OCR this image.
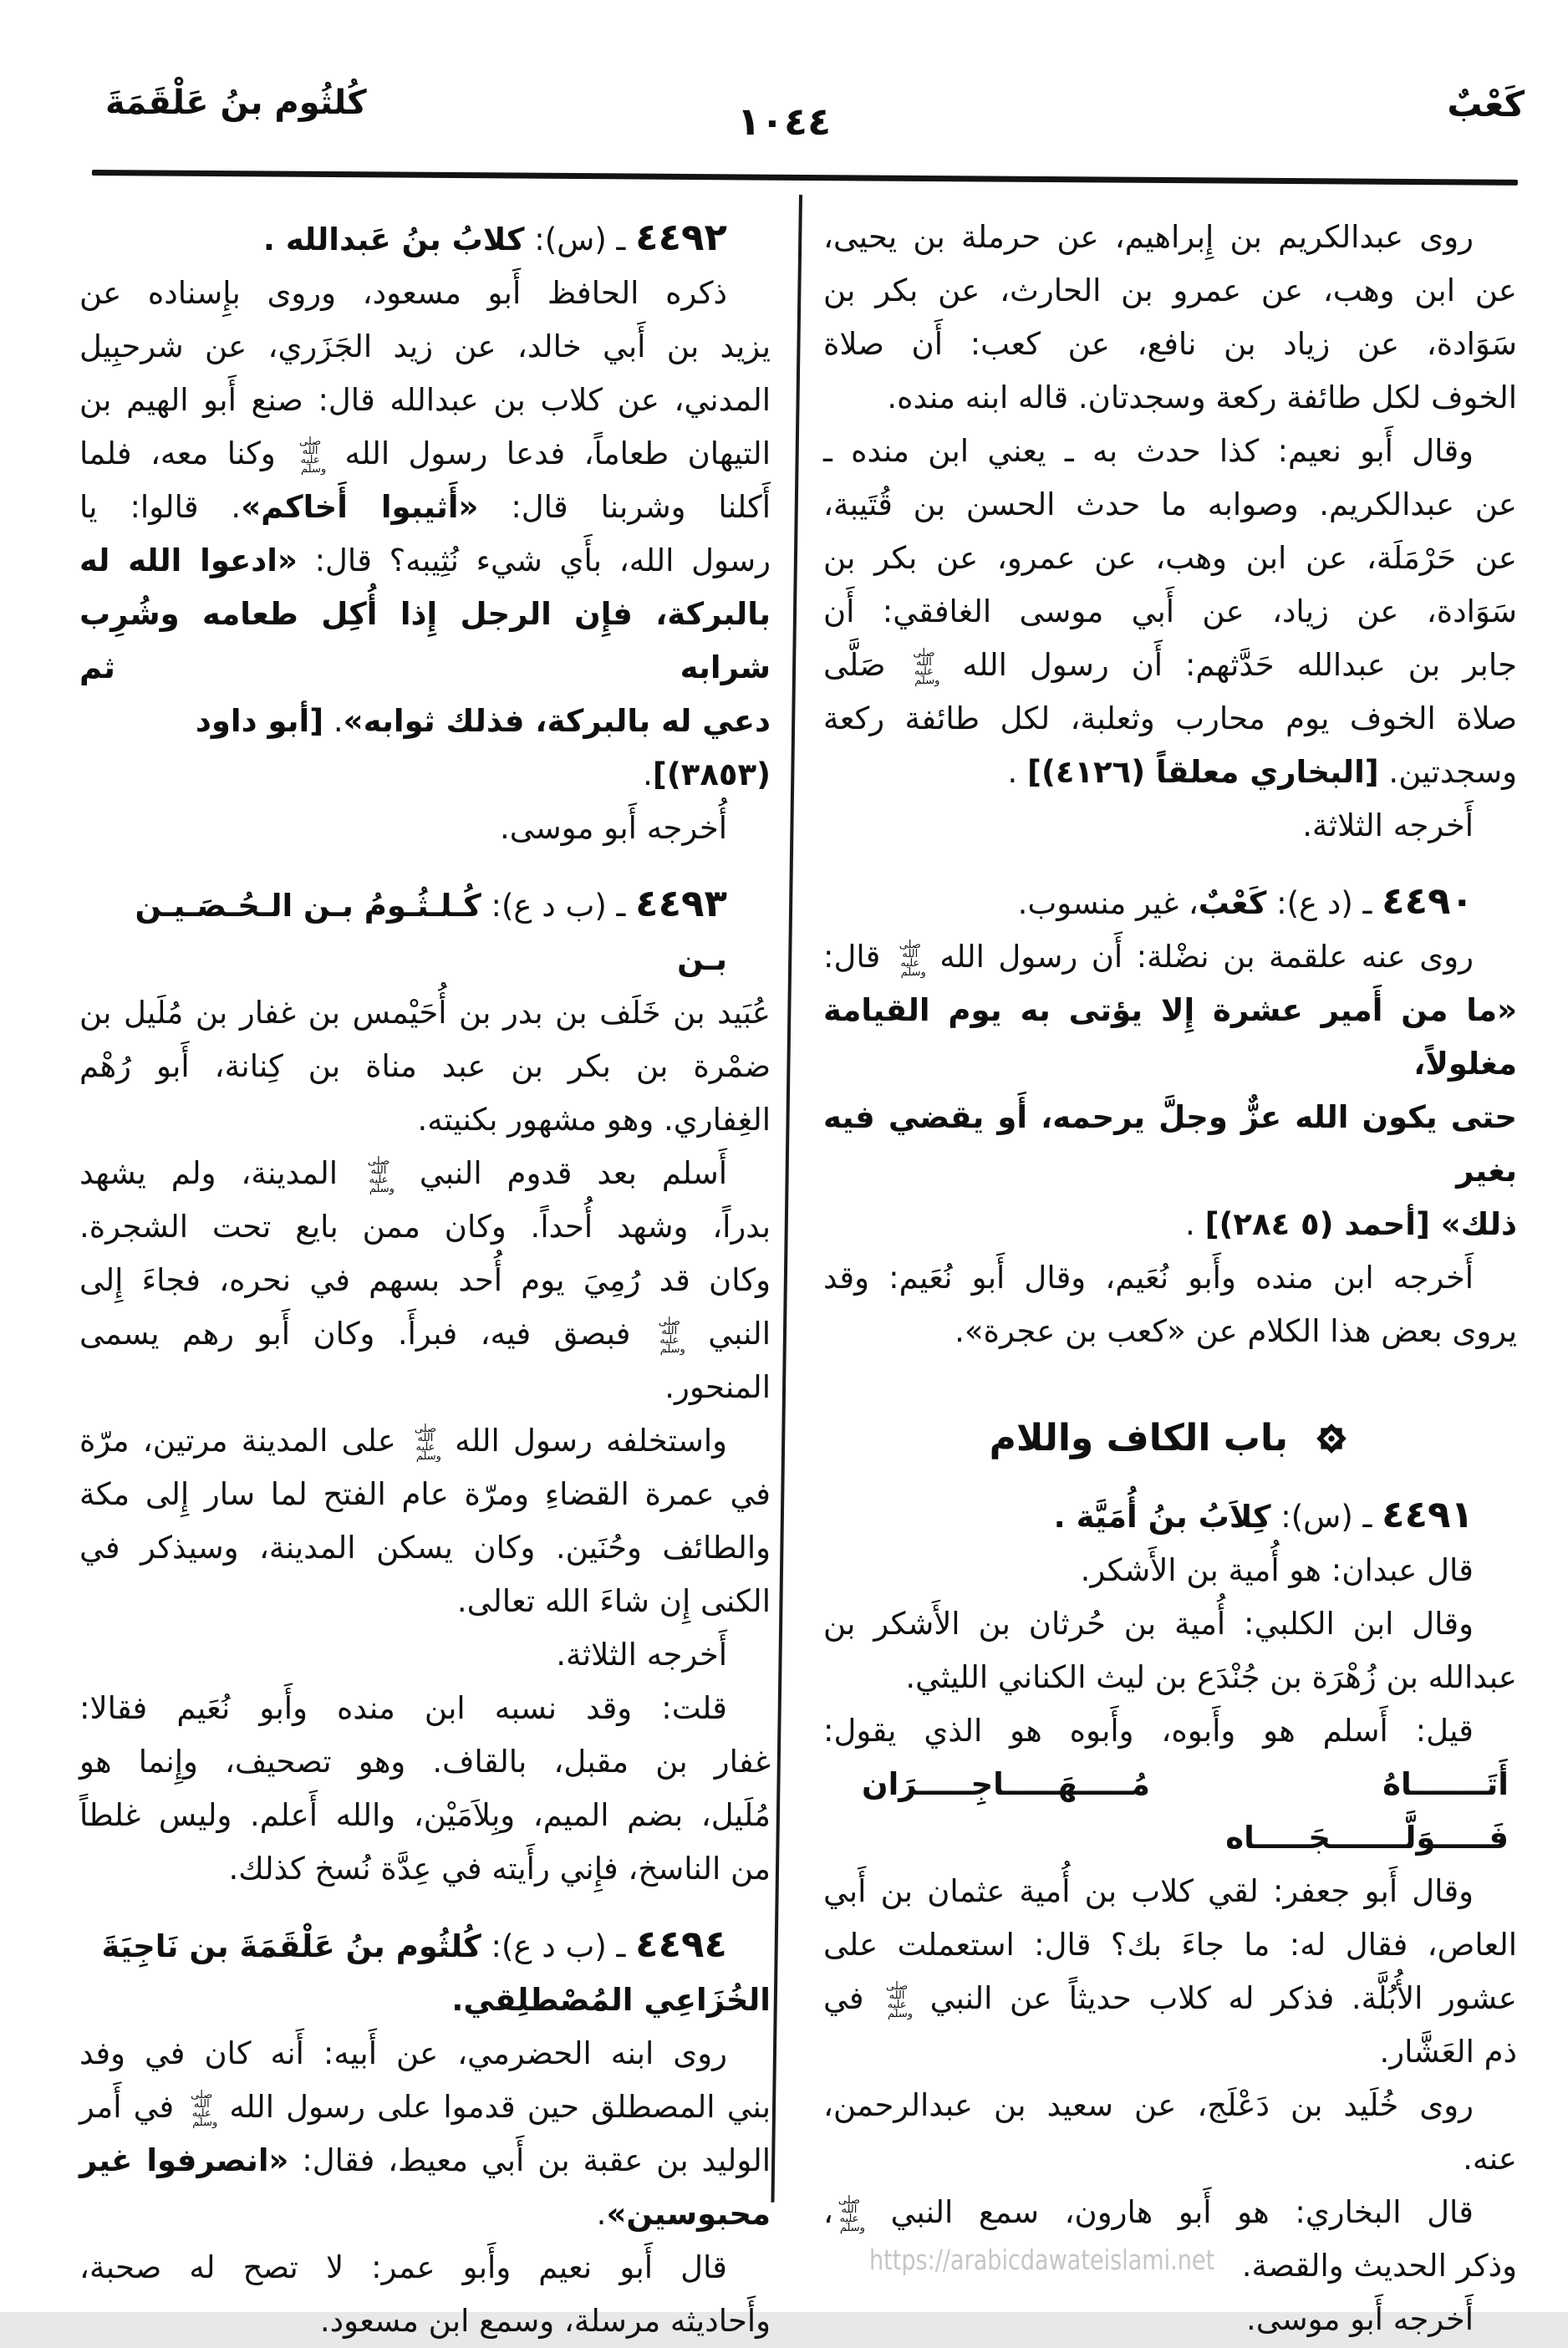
كُلثُوم بنُ عَلْقَمَةَ	١٠٤٤	كَعْبٌ
روى عبدالكريم بن إِبراهيم، عن حرملة بن يحيى،
عن ابن وهب، عن عمرو بن الحارث، عن بكر بن
سَوَادة، عن زياد بن نافع، عن كعب: أَن صلاة
الخوف لكل طائفة ركعة وسجدتان. قاله ابنه منده.
وقال أَبو نعيم: كذا حدث به ـ يعني ابن منده ـ
عن عبدالكريم. وصوابه ما حدث الحسن بن قُتَيبة،
عن حَرْمَلَة، عن ابن وهب، عن عمرو، عن بكر بن
سَوَادة، عن زياد، عن أَبي موسى الغافقي: أَن
جابر بن عبدالله حَدَّثهم: أَن رسول الله صلى الله عليه وسلم صَلَّى
صلاة الخوف يوم محارب وثعلبة، لكل طائفة ركعة
وسجدتين. [البخاري معلقاً (٤١٢٦)] .
أَخرجه الثلاثة.
٤٤٩٠ ـ (د ع): كَعْبٌ، غير منسوب.
روى عنه علقمة بن نضْلة: أَن رسول الله صلى الله عليه وسلم قال:
«ما من أَمير عشرة إِلا يؤتى به يوم القيامة مغلولاً،
حتى يكون الله عزٌّ وجلَّ يرحمه، أَو يقضي فيه بغير
ذلك» [أحمد (٥ ٢٨٤)] .
أَخرجه ابن منده وأَبو نُعَيم، وقال أَبو نُعَيم: وقد
يروى بعض هذا الكلام عن «كعب بن عجرة».
باب الكاف واللام
٤٤٩١ ـ (س): كِلاَبُ بنُ أُمَيَّة .
قال عبدان: هو أُمية بن الأَشكر.
وقال ابن الكلبي: أُمية بن حُرثان بن الأَشكر بن
عبدالله بن زُهْرَة بن جُنْدَع بن ليث الكناني الليثي.
قيل: أَسلم هو وأَبوه، وأَبوه هو الذي يقول:
أَتَـــــــاهُ مُـــــهَـــــاجِـــــرَان فَـــــوَلَّـــــــجَـــــاه
وقال أَبو جعفر: لقي كلاب بن أُمية عثمان بن أَبي
العاص، فقال له: ما جاءَ بك؟ قال: استعملت على
عشور الأُبُلَّة. فذكر له كلاب حديثاً عن النبي صلى الله عليه وسلم في
ذم العَشَّار.
روى خُلَيد بن دَعْلَج، عن سعيد بن عبدالرحمن،
عنه.
قال البخاري: هو أَبو هارون، سمع النبي صلى الله عليه وسلم،
وذكر الحديث والقصة.
أَخرجه أَبو موسى.
٤٤٩٢ ـ (س): كلابُ بنُ عَبدالله .
ذكره الحافظ أَبو مسعود، وروى بإِسناده عن
يزيد بن أَبي خالد، عن زيد الجَزَري، عن شرحبِيل
المدني، عن كلاب بن عبدالله قال: صنع أَبو الهيم بن
التيهان طعاماً، فدعا رسول الله صلى الله عليه وسلم وكنا معه، فلما
أَكلنا وشربنا قال: «أَثيبوا أَخاكم». قالوا: يا
رسول الله، بأَي شيء نُثِيبه؟ قال: «ادعوا الله له
بالبركة، فإِن الرجل إِذا أُكِل طعامه وشُرِب شرابه ثم
دعي له بالبركة، فذلك ثوابه». [أبو داود (٣٨٥٣)].
أُخرجه أَبو موسى.
٤٤٩٣ ـ (ب د ع): كُـلـثُـومُ بـن الـحُـصَـيـن بـن
عُبَيد بن خَلَف بن بدر بن أُحَيْمس بن غفار بن مُلَيل بن
ضمْرة بن بكر بن عبد مناة بن كِنانة، أَبو رُهْم
الغِفاري. وهو مشهور بكنيته.
أَسلم بعد قدوم النبي صلى الله عليه وسلم المدينة، ولم يشهد
بدراً، وشهد أُحداً. وكان ممن بايع تحت الشجرة.
وكان قد رُمِيَ يوم أُحد بسهم في نحره، فجاءَ إِلى
النبي صلى الله عليه وسلم فبصق فيه، فبرأَ. وكان أَبو رهم يسمى
المنحور.
واستخلفه رسول الله صلى الله عليه وسلم على المدينة مرتين، مرّة
في عمرة القضاءِ ومرّة عام الفتح لما سار إِلى مكة
والطائف وحُنَين. وكان يسكن المدينة، وسيذكر في
الكنى إِن شاءَ الله تعالى.
أَخرجه الثلاثة.
قلت: وقد نسبه ابن منده وأَبو نُعَيم فقالا:
غفار بن مقبل، بالقاف. وهو تصحيف، وإِنما هو
مُلَيل، بضم الميم، وبِلاَمَيْن، والله أَعلم. وليس غلطاً
من الناسخ، فإِني رأَيته في عِدَّة نُسخ كذلك.
٤٤٩٤ ـ (ب د ع): كُلثُوم بنُ عَلْقَمَةَ بن نَاجِيَةَ
الخُزَاعِي المُصْطلِقي.
روى ابنه الحضرمي، عن أَبيه: أَنه كان في وفد
بني المصطلق حين قدموا على رسول الله صلى الله عليه وسلم في أَمر
الوليد بن عقبة بن أَبي معيط، فقال: «انصرفوا غير
محبوسين».
قال أَبو نعيم وأَبو عمر: لا تصح له صحبة،
وأَحاديثه مرسلة، وسمع ابن مسعود.
https://arabicdawateislami.net
